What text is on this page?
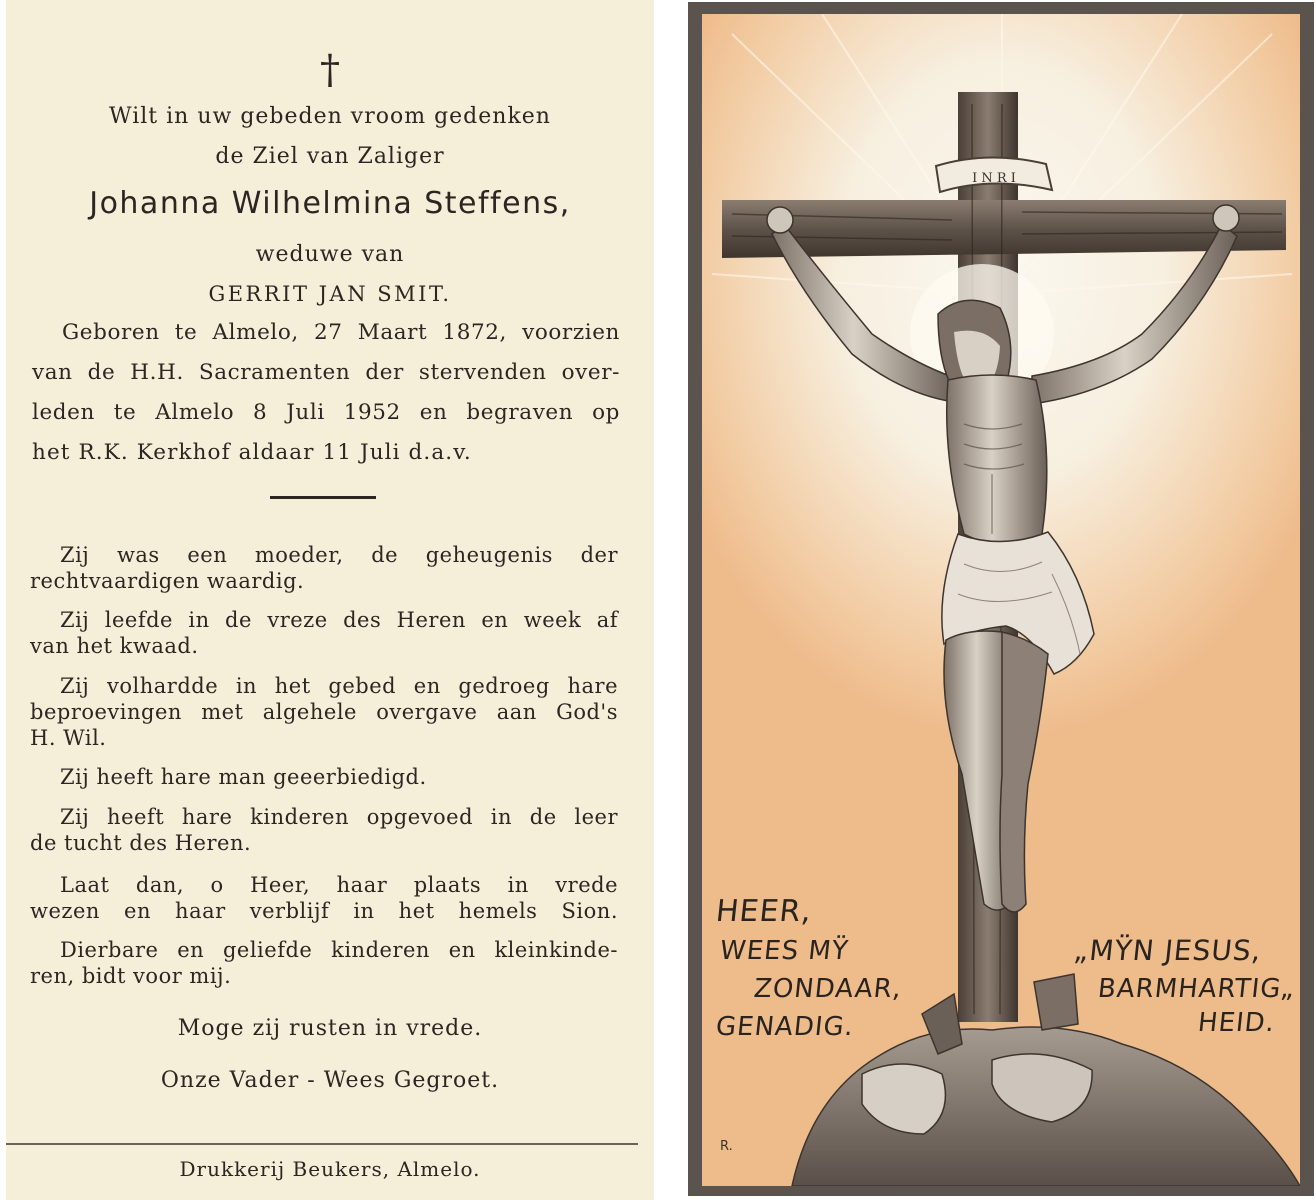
†
Wilt in uw gebeden vroom gedenken
de Ziel van Zaliger
Johanna Wilhelmina Steffens,
weduwe van
GERRIT JAN SMIT.
Geboren te Almelo, 27 Maart 1872, voorzien
van de H.H. Sacramenten der stervenden over-
leden te Almelo 8 Juli 1952 en begraven op
het R.K. Kerkhof aldaar 11 Juli d.a.v.
Zij was een moeder, de geheugenis der
rechtvaardigen waardig.
Zij leefde in de vreze des Heren en week af
van het kwaad.
Zij volhardde in het gebed en gedroeg hare
beproevingen met algehele overgave aan God's
H. Wil.
Zij heeft hare man geeerbiedigd.
Zij heeft hare kinderen opgevoed in de leer
de tucht des Heren.
Laat dan, o Heer, haar plaats in vrede
wezen en haar verblijf in het hemels Sion.
Dierbare en geliefde kinderen en kleinkinde-
ren, bidt voor mij.
Moge zij rusten in vrede.
Onze Vader - Wees Gegroet.
Drukkerij Beukers, Almelo.
I N R I
R.
HEER,
WEES MŸ
ZONDAAR,
GENADIG.
„MŸN JESUS,
BARMHARTIG„
HEID.
